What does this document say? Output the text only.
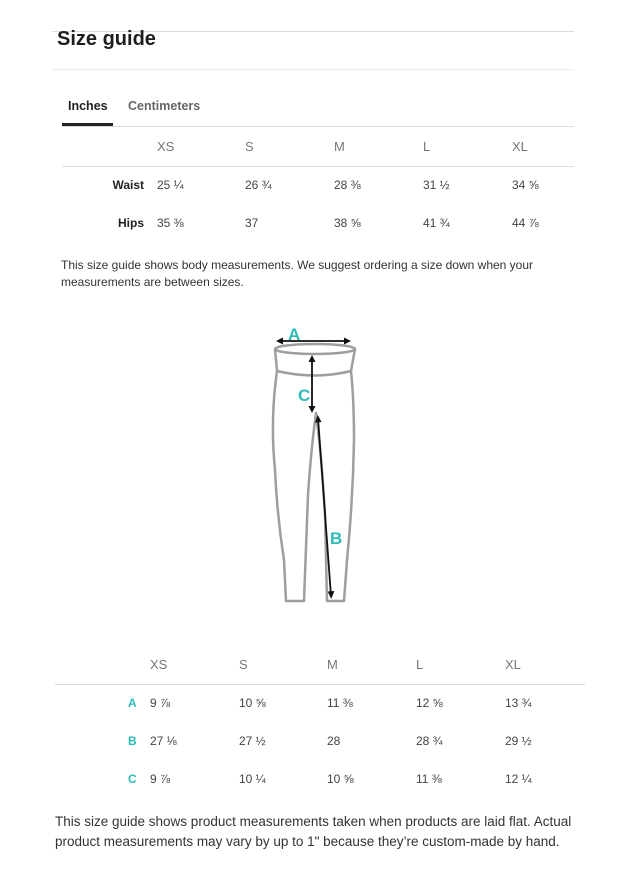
Size guide
Inches Centimeters
XS	S	M	L	XL
Waist 25 ¼	26 ¾	28 ⅜	31 ½	34 ⅝
Hips 35 ⅜	37	38 ⅝	41 ¾	44 ⅞
This size guide shows body measurements. We suggest ordering a size down when your measurements are between sizes.
A
C
B
XS	S	M	L	XL
A 9 ⅞	10 ⅝	11 ⅜	12 ⅝	13 ¾
B 27 ⅛	27 ½	28	28 ¾	29 ½
C 9 ⅞	10 ¼	10 ⅝	11 ⅜	12 ¼
This size guide shows product measurements taken when products are laid flat. Actual product measurements may vary by up to 1" because they’re custom-made by hand.
